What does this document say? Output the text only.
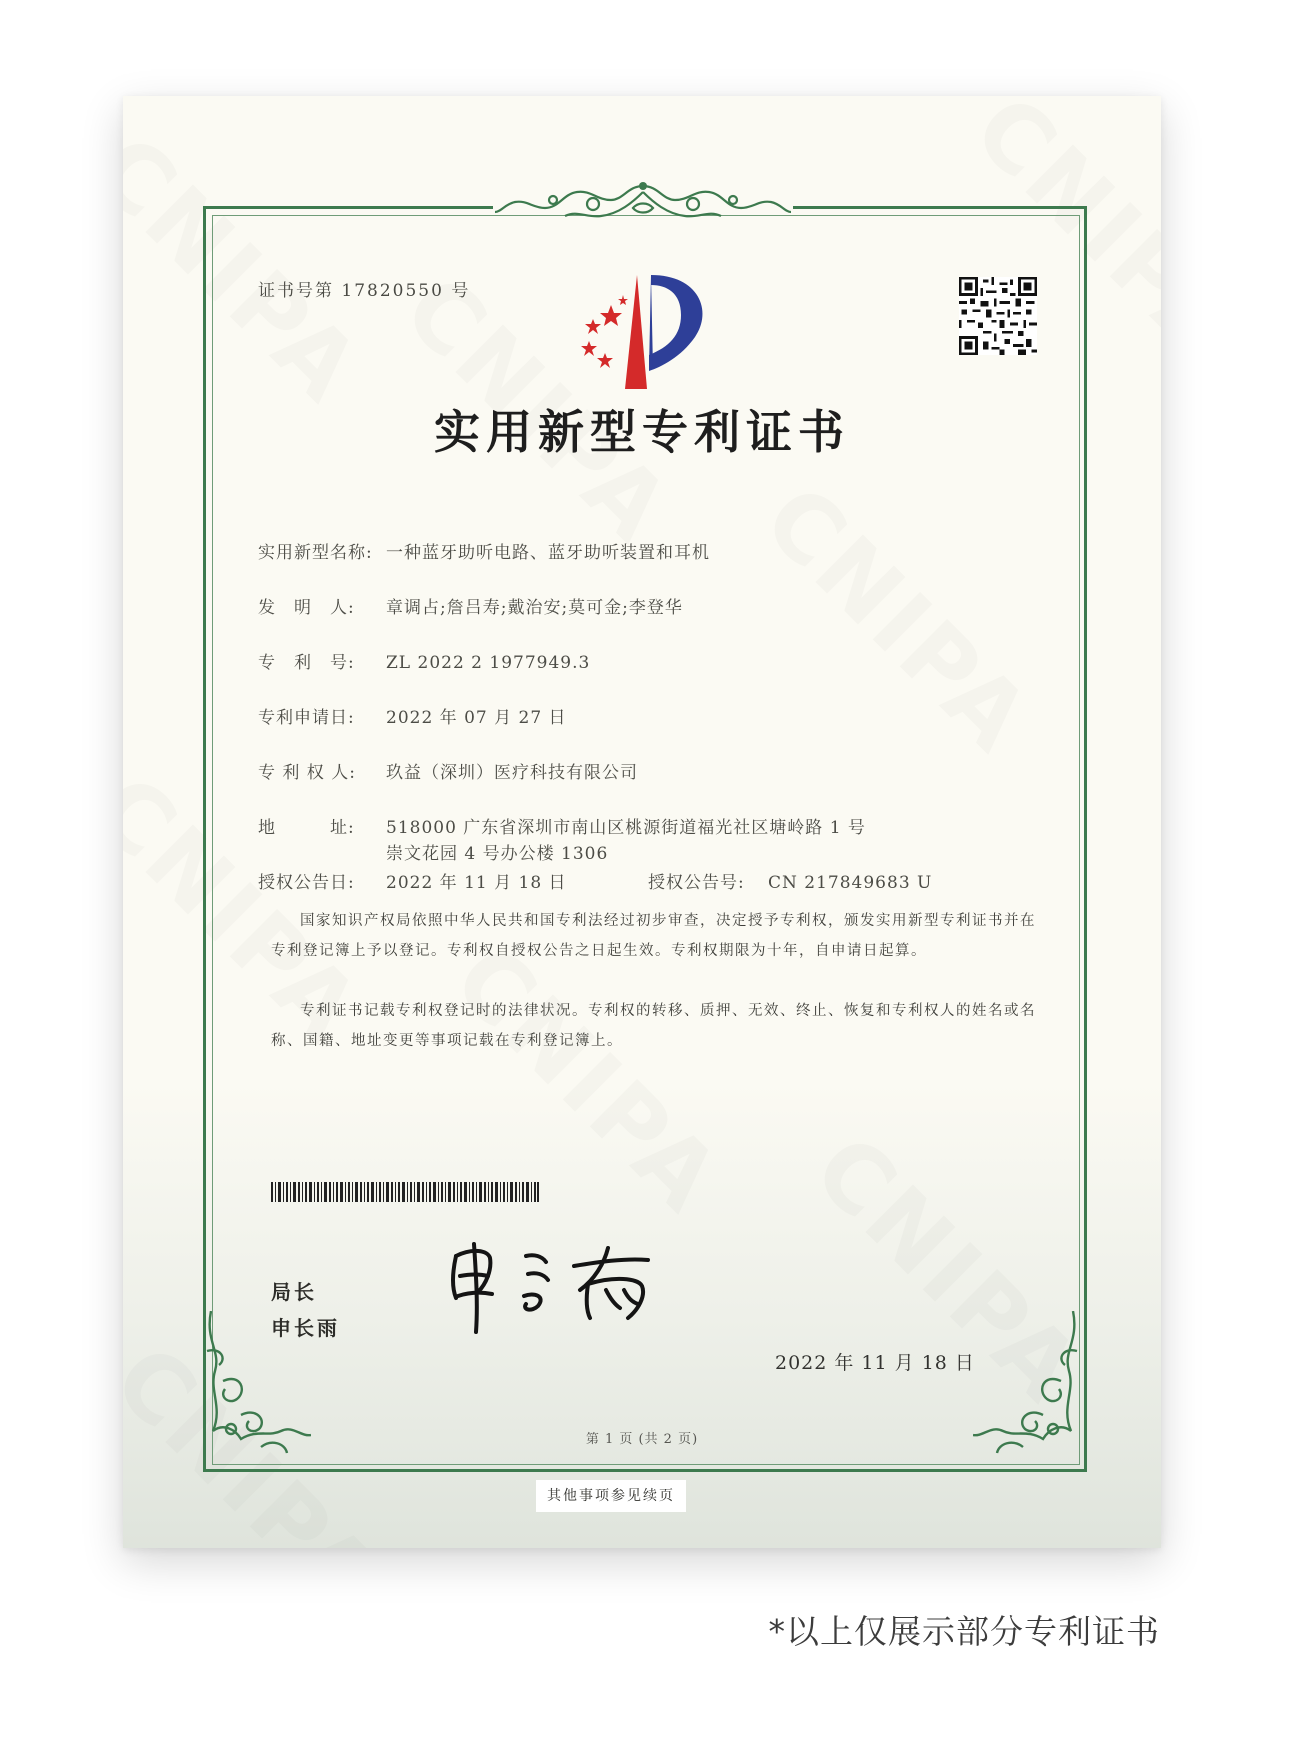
证书号第 17820550 号
实用新型专利证书
实用新型名称: 一种蓝牙助听电路、蓝牙助听装置和耳机
发　明　人: 章调占;詹吕寿;戴治安;莫可金;李登华
专　利　号: ZL 2022 2 1977949.3
专利申请日: 2022 年 07 月 27 日
专 利 权 人: 玖益（深圳）医疗科技有限公司
地　　　址: 518000 广东省深圳市南山区桃源街道福光社区塘岭路 1 号
崇文花园 4 号办公楼 1306
授权公告日: 2022 年 11 月 18 日	授权公告号: CN 217849683 U
国家知识产权局依照中华人民共和国专利法经过初步审查，决定授予专利权，颁发实用新型专利证书并在专利登记簿上予以登记。专利权自授权公告之日起生效。专利权期限为十年，自申请日起算。
专利证书记载专利权登记时的法律状况。专利权的转移、质押、无效、终止、恢复和专利权人的姓名或名称、国籍、地址变更等事项记载在专利登记簿上。
局长
申长雨
2022 年 11 月 18 日
第 1 页 (共 2 页)
其他事项参见续页
*以上仅展示部分专利证书
